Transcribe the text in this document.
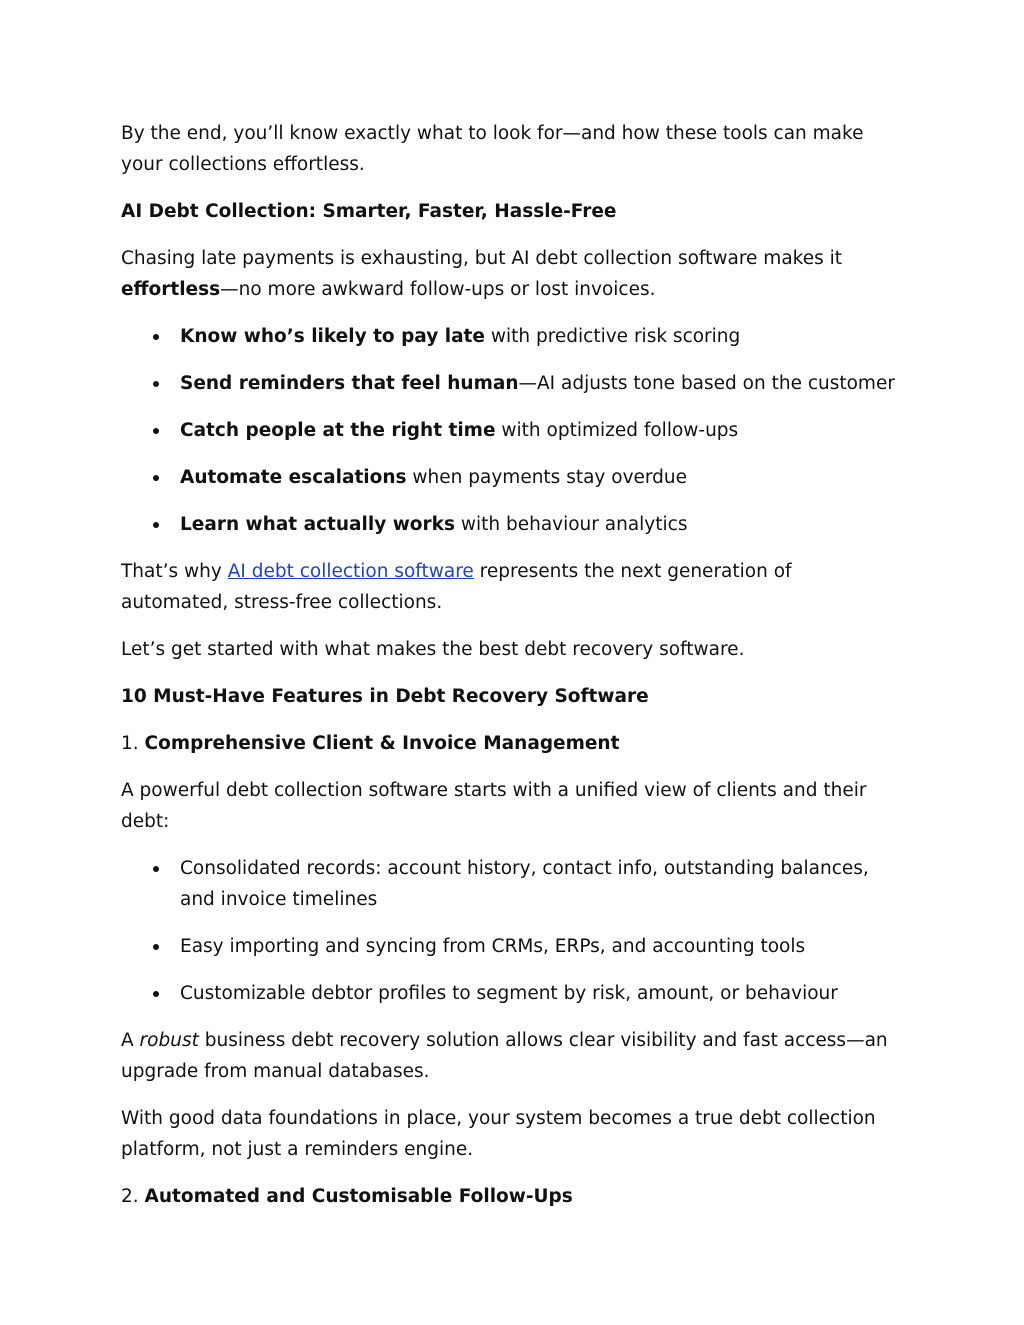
By the end, you’ll know exactly what to look for—and how these tools can make your collections effortless.

AI Debt Collection: Smarter, Faster, Hassle-Free

Chasing late payments is exhausting, but AI debt collection software makes it effortless—no more awkward follow-ups or lost invoices.

Know who’s likely to pay late with predictive risk scoring
Send reminders that feel human—AI adjusts tone based on the customer
Catch people at the right time with optimized follow-ups
Automate escalations when payments stay overdue
Learn what actually works with behaviour analytics

That’s why AI debt collection software represents the next generation of automated, stress-free collections.

Let’s get started with what makes the best debt recovery software.

10 Must-Have Features in Debt Recovery Software

1. Comprehensive Client & Invoice Management

A powerful debt collection software starts with a unified view of clients and their debt:

Consolidated records: account history, contact info, outstanding balances, and invoice timelines
Easy importing and syncing from CRMs, ERPs, and accounting tools
Customizable debtor profiles to segment by risk, amount, or behaviour

A robust business debt recovery solution allows clear visibility and fast access—an upgrade from manual databases.

With good data foundations in place, your system becomes a true debt collection platform, not just a reminders engine.

2. Automated and Customisable Follow-Ups
